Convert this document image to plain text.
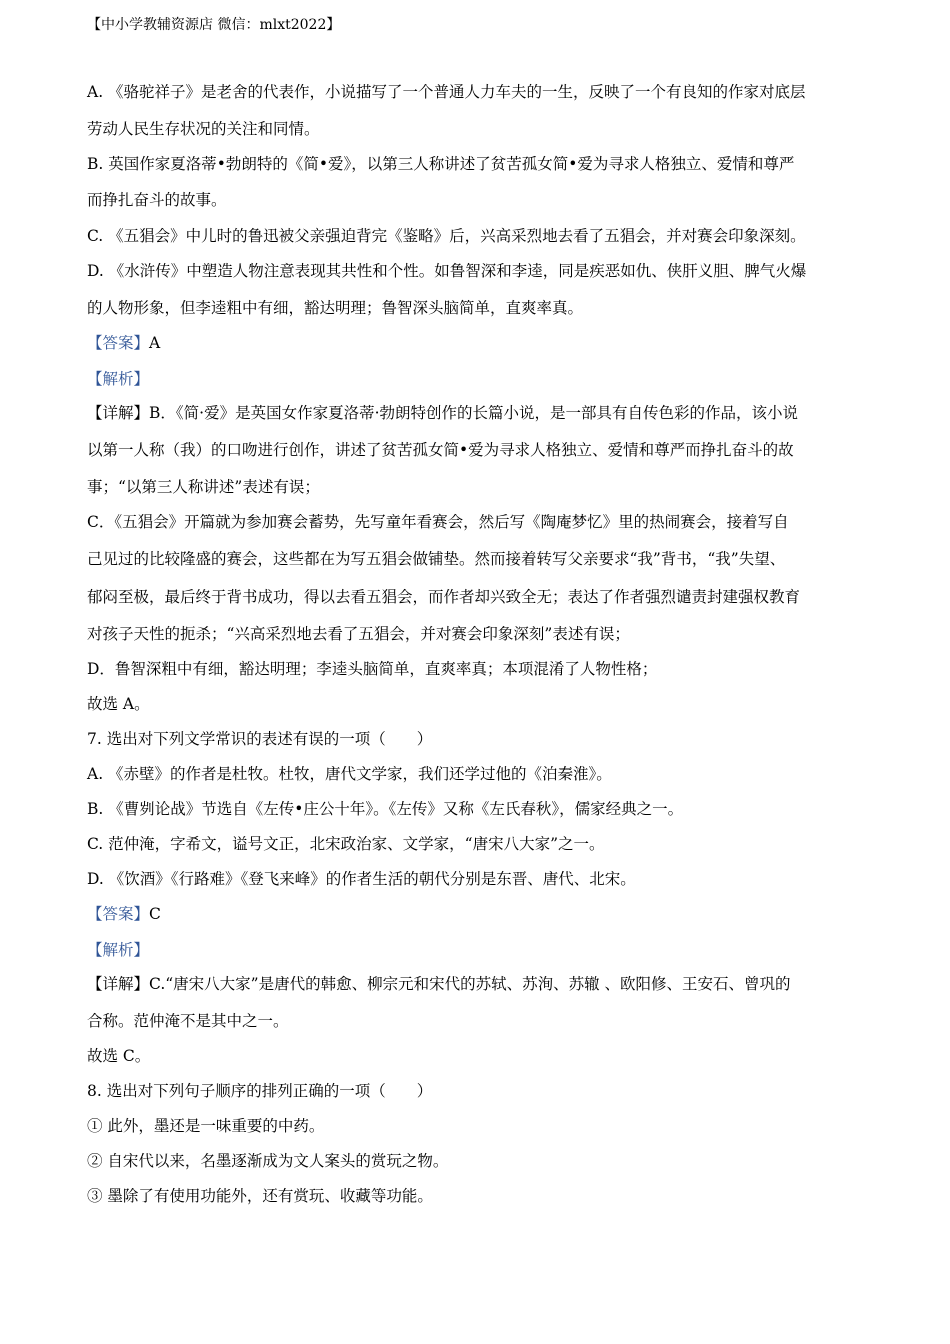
【中小学教辅资源店 微信：mlxt2022】
A. 《骆驼祥子》是老舍的代表作，小说描写了一个普通人力车夫的一生，反映了一个有良知的作家对底层
劳动人民生存状况的关注和同情。
B. 英国作家夏洛蒂•勃朗特的《简•爱》，以第三人称讲述了贫苦孤女简•爱为寻求人格独立、爱情和尊严
而挣扎奋斗的故事。
C. 《五猖会》中儿时的鲁迅被父亲强迫背完《鉴略》后，兴高采烈地去看了五猖会，并对赛会印象深刻。
D. 《水浒传》中塑造人物注意表现其共性和个性。如鲁智深和李逵，同是疾恶如仇、侠肝义胆、脾气火爆
的人物形象，但李逵粗中有细，豁达明理；鲁智深头脑简单，直爽率真。
【答案】A
【解析】
【详解】B．《简·爱》是英国女作家夏洛蒂·勃朗特创作的长篇小说，是一部具有自传色彩的作品，该小说
以第一人称（我）的口吻进行创作，讲述了贫苦孤女简•爱为寻求人格独立、爱情和尊严而挣扎奋斗的故
事；“以第三人称讲述”表述有误；
C．《五猖会》开篇就为参加赛会蓄势，先写童年看赛会，然后写《陶庵梦忆》里的热闹赛会，接着写自
己见过的比较隆盛的赛会，这些都在为写五猖会做铺垫。然而接着转写父亲要求“我”背书，“我”失望、
郁闷至极，最后终于背书成功，得以去看五猖会，而作者却兴致全无；表达了作者强烈谴责封建强权教育
对孩子天性的扼杀；“兴高采烈地去看了五猖会，并对赛会印象深刻”表述有误；
D．鲁智深粗中有细，豁达明理；李逵头脑简单，直爽率真；本项混淆了人物性格；
故选 A。
7. 选出对下列文学常识的表述有误的一项（　　）
A. 《赤壁》的作者是杜牧。杜牧，唐代文学家，我们还学过他的《泊秦淮》。
B. 《曹刿论战》节选自《左传•庄公十年》。《左传》又称《左氏春秋》，儒家经典之一。
C. 范仲淹，字希文，谥号文正，北宋政治家、文学家，“唐宋八大家”之一。
D. 《饮酒》《行路难》《登飞来峰》的作者生活的朝代分别是东晋、唐代、北宋。
【答案】C
【解析】
【详解】C.“唐宋八大家”是唐代的韩愈、柳宗元和宋代的苏轼、苏洵、苏辙 、欧阳修、王安石、曾巩的
合称。范仲淹不是其中之一。
故选 C。
8. 选出对下列句子顺序的排列正确的一项（　　）
① 此外，墨还是一味重要的中药。
② 自宋代以来，名墨逐渐成为文人案头的赏玩之物。
③ 墨除了有使用功能外，还有赏玩、收藏等功能。
